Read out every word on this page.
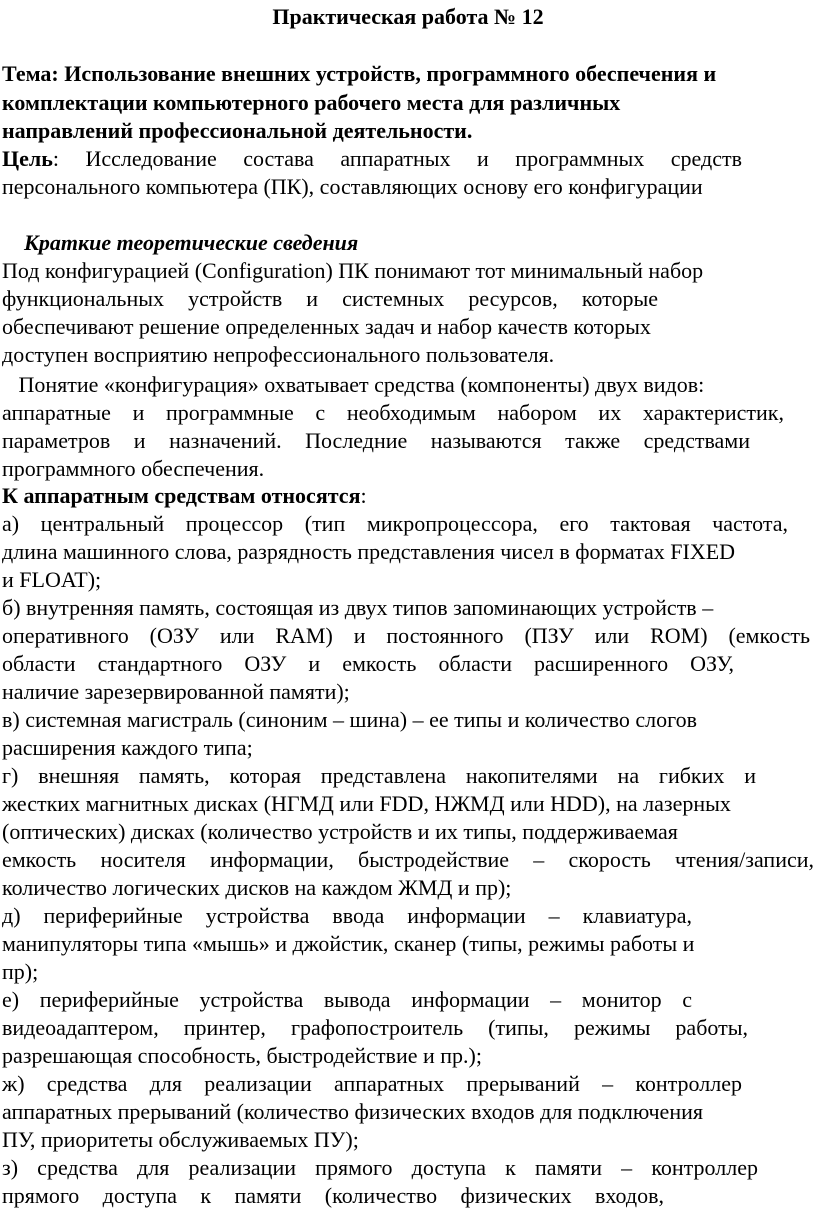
Практическая работа № 12
Тема: Использование внешних устройств, программного обеспечения и
комплектации компьютерного рабочего места для различных
направлений профессиональной деятельности.
Цель: Исследование состава аппаратных и программных средств
персонального компьютера (ПК), составляющих основу его конфигурации
Краткие теоретические сведения
Под конфигурацией (Configuration) ПК понимают тот минимальный набор
функциональных устройств и системных ресурсов, которые
обеспечивают решение определенных задач и набор качеств которых
доступен восприятию непрофессионального пользователя.
Понятие «конфигурация» охватывает средства (компоненты) двух видов:
аппаратные и программные с необходимым набором их характеристик,
параметров и назначений. Последние называются также средствами
программного обеспечения.
К аппаратным средствам относятся:
а) центральный процессор (тип микропроцессора, его тактовая частота,
длина машинного слова, разрядность представления чисел в форматах FIXED
и FLOAT);
б) внутренняя память, состоящая из двух типов запоминающих устройств –
оперативного (ОЗУ или RAM) и постоянного (ПЗУ или ROM) (емкость
области стандартного ОЗУ и емкость области расширенного ОЗУ,
наличие зарезервированной памяти);
в) системная магистраль (синоним – шина) – ее типы и количество слогов
расширения каждого типа;
г) внешняя память, которая представлена накопителями на гибких и
жестких магнитных дисках (НГМД или FDD, НЖМД или HDD), на лазерных
(оптических) дисках (количество устройств и их типы, поддерживаемая
емкость носителя информации, быстродействие – скорость чтения/записи,
количество логических дисков на каждом ЖМД и пр);
д) периферийные устройства ввода информации – клавиатура,
манипуляторы типа «мышь» и джойстик, сканер (типы, режимы работы и
пр);
е) периферийные устройства вывода информации – монитор с
видеоадаптером, принтер, графопостроитель (типы, режимы работы,
разрешающая способность, быстродействие и пр.);
ж) средства для реализации аппаратных прерываний – контроллер
аппаратных прерываний (количество физических входов для подключения
ПУ, приоритеты обслуживаемых ПУ);
з) средства для реализации прямого доступа к памяти – контроллер
прямого доступа к памяти (количество физических входов,
